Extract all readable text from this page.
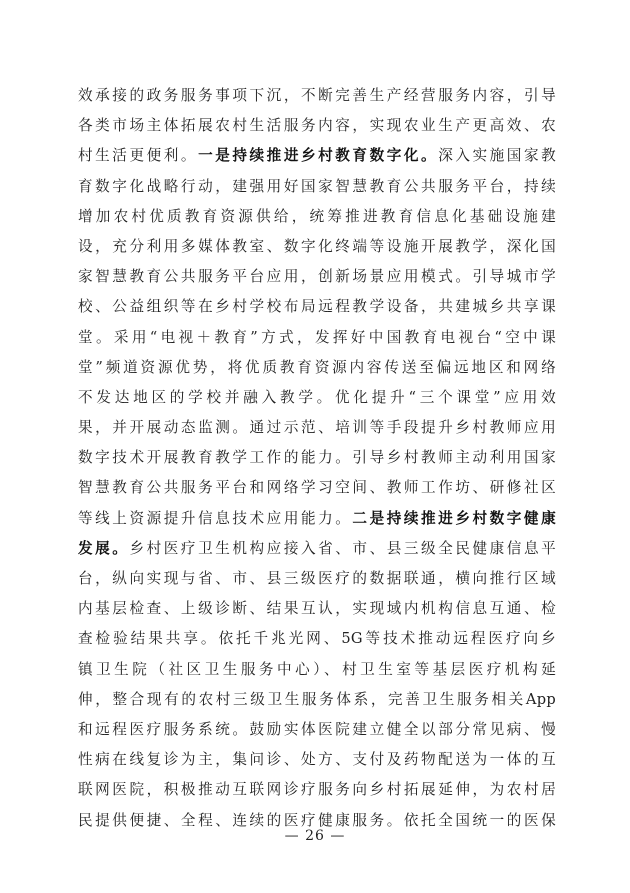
效承接的政务服务事项下沉，不断完善生产经营服务内容，引导
各类市场主体拓展农村生活服务内容，实现农业生产更高效、农
村生活更便利。一是持续推进乡村教育数字化。深入实施国家教
育数字化战略行动，建强用好国家智慧教育公共服务平台，持续
增加农村优质教育资源供给，统筹推进教育信息化基础设施建
设，充分利用多媒体教室、数字化终端等设施开展教学，深化国
家智慧教育公共服务平台应用，创新场景应用模式。引导城市学
校、公益组织等在乡村学校布局远程教学设备，共建城乡共享课
堂。采用“电视＋教育”方式，发挥好中国教育电视台“空中课
堂”频道资源优势，将优质教育资源内容传送至偏远地区和网络
不发达地区的学校并融入教学。优化提升“三个课堂”应用效
果，并开展动态监测。通过示范、培训等手段提升乡村教师应用
数字技术开展教育教学工作的能力。引导乡村教师主动利用国家
智慧教育公共服务平台和网络学习空间、教师工作坊、研修社区
等线上资源提升信息技术应用能力。二是持续推进乡村数字健康
发展。乡村医疗卫生机构应接入省、市、县三级全民健康信息平
台，纵向实现与省、市、县三级医疗的数据联通，横向推行区域
内基层检查、上级诊断、结果互认，实现域内机构信息互通、检
查检验结果共享。依托千兆光网、5G等技术推动远程医疗向乡
镇卫生院（社区卫生服务中心）、村卫生室等基层医疗机构延
伸，整合现有的农村三级卫生服务体系，完善卫生服务相关App
和远程医疗服务系统。鼓励实体医院建立健全以部分常见病、慢
性病在线复诊为主，集问诊、处方、支付及药物配送为一体的互
联网医院，积极推动互联网诊疗服务向乡村拓展延伸，为农村居
民提供便捷、全程、连续的医疗健康服务。依托全国统一的医保
— 26 —
